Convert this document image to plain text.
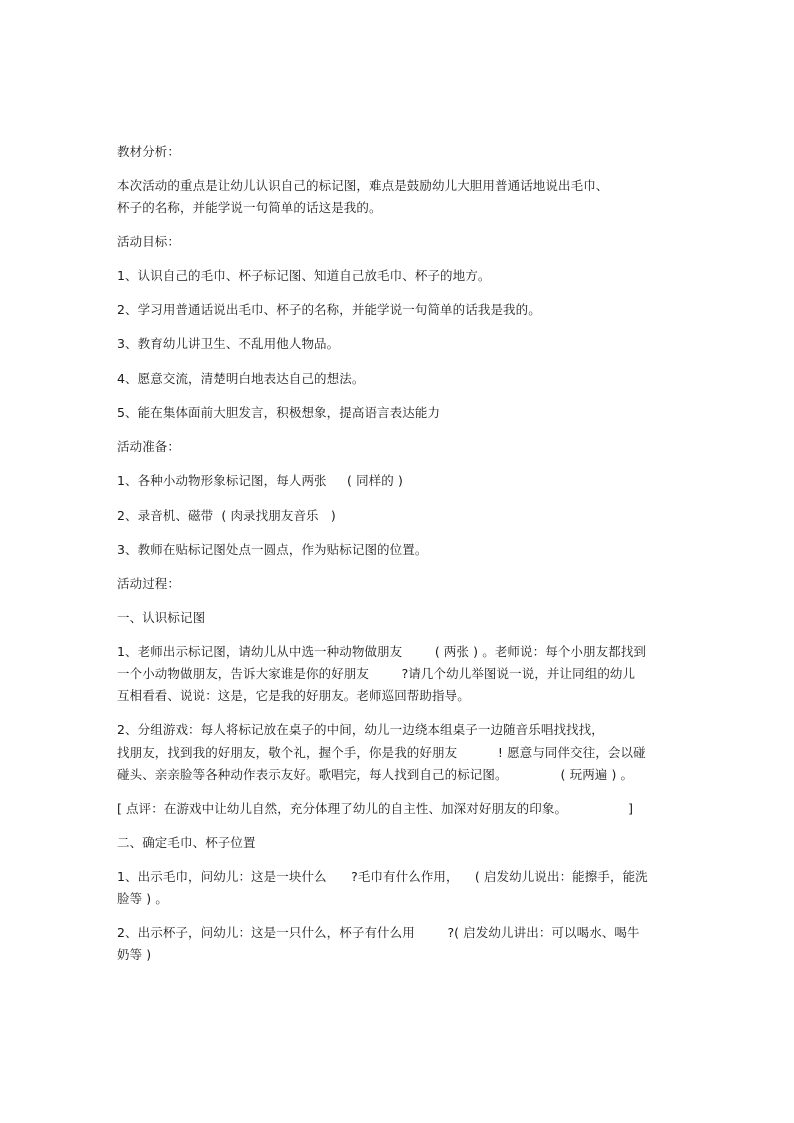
教材分析：

本次活动的重点是让幼儿认识自己的标记图，难点是鼓励幼儿大胆用普通话地说出毛巾、

杯子的名称，并能学说一句简单的话这是我的。

活动目标：

1、认识自己的毛巾、杯子标记图、知道自己放毛巾、杯子的地方。

2、学习用普通话说出毛巾、杯子的名称，并能学说一句简单的话我是我的。

3、教育幼儿讲卫生、不乱用他人物品。

4、愿意交流，清楚明白地表达自己的想法。

5、能在集体面前大胆发言，积极想象，提高语言表达能力

活动准备：

1、各种小动物形象标记图，每人两张     ( 同样的 )

2、录音机、磁带  ( 肉录找朋友音乐   )

3、教师在贴标记图处点一圆点，作为贴标记图的位置。

活动过程：

一、认识标记图

1、老师出示标记图，请幼儿从中选一种动物做朋友        ( 两张 ) 。老师说：每个小朋友都找到

一个小动物做朋友，告诉大家谁是你的好朋友        ?请几个幼儿举图说一说，并让同组的幼儿

互相看看、说说：这是，它是我的好朋友。老师巡回帮助指导。

2、分组游戏：每人将标记放在桌子的中间，幼儿一边绕本组桌子一边随音乐唱找找找，

找朋友，找到我的好朋友，敬个礼，握个手，你是我的好朋友          ! 愿意与同伴交往，会以碰

碰头、亲亲脸等各种动作表示友好。歌唱完，每人找到自己的标记图。             ( 玩两遍 ) 。

[ 点评：在游戏中让幼儿自然，充分体理了幼儿的自主性、加深对好朋友的印象。               ]

二、确定毛巾、杯子位置

1、出示毛巾，问幼儿：这是一块什么      ?毛巾有什么作用，    ( 启发幼儿说出：能擦手，能洗

脸等 ) 。

2、出示杯子，问幼儿：这是一只什么，杯子有什么用        ?( 启发幼儿讲出：可以喝水、喝牛

奶等 )
